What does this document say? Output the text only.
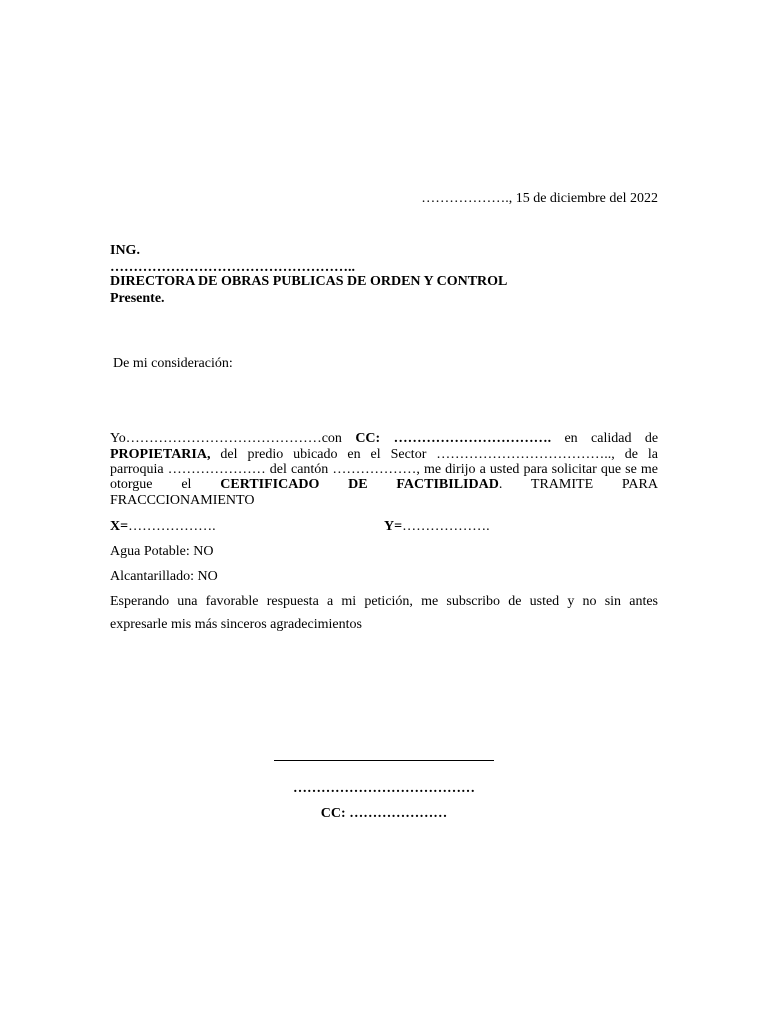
………………., 15 de diciembre del 2022
ING.
……………………………………………..
DIRECTORA DE OBRAS PUBLICAS DE ORDEN Y CONTROL
Presente.
De mi consideración:
Yo……………………………………con CC: ……………………………. en calidad de
PROPIETARIA, del predio ubicado en el Sector ……………………………….., de la
parroquia ………………… del cantón ………………, me dirijo a usted para solicitar que se me
otorgue el CERTIFICADO DE FACTIBILIDAD. TRAMITE PARA
FRACCCIONAMIENTO
X=……………….	Y=……………….
Agua Potable: NO
Alcantarillado: NO
Esperando una favorable respuesta a mi petición, me subscribo de usted y no sin antes
expresarle mis más sinceros agradecimientos
…………………………………
CC: …………………
